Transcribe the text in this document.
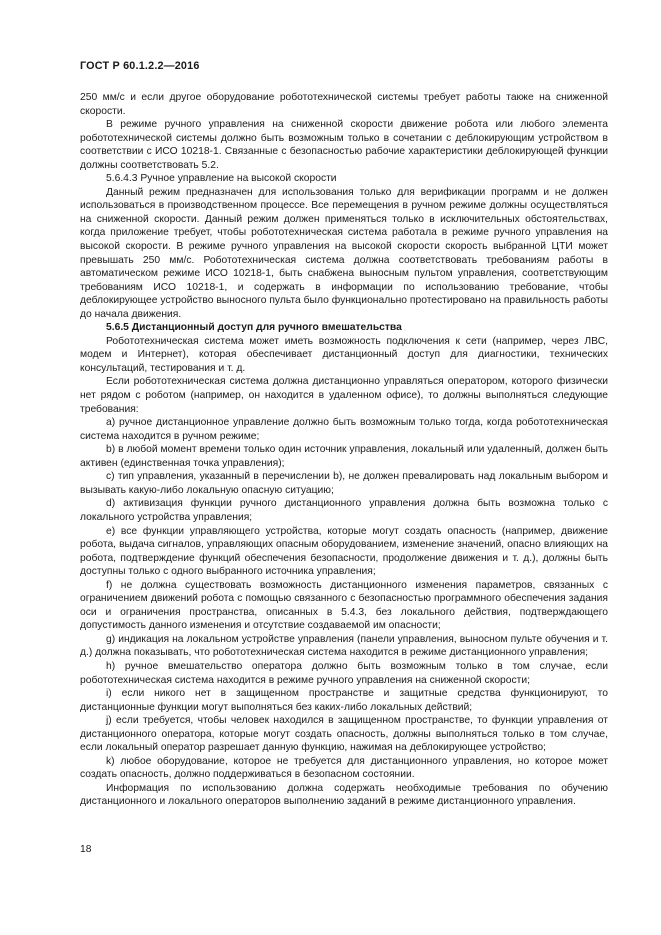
ГОСТ Р 60.1.2.2—2016

250 мм/с и если другое оборудование робототехнической системы требует работы также на сниженной скорости.

В режиме ручного управления на сниженной скорости движение робота или любого элемента робототехнической системы должно быть возможным только в сочетании с деблокирующим устройством в соответствии с ИСО 10218-1. Связанные с безопасностью рабочие характеристики деблокирующей функции должны соответствовать 5.2.

5.6.4.3 Ручное управление на высокой скорости

Данный режим предназначен для использования только для верификации программ и не должен использоваться в производственном процессе. Все перемещения в ручном режиме должны осуществляться на сниженной скорости. Данный режим должен применяться только в исключительных обстоятельствах, когда приложение требует, чтобы робототехническая система работала в режиме ручного управления на высокой скорости. В режиме ручного управления на высокой скорости скорость выбранной ЦТИ может превышать 250 мм/с. Робототехническая система должна соответствовать требованиям работы в автоматическом режиме ИСО 10218-1, быть снабжена выносным пультом управления, соответствующим требованиям ИСО 10218-1, и содержать в информации по использованию требование, чтобы деблокирующее устройство выносного пульта было функционально протестировано на правильность работы до начала движения.

5.6.5 Дистанционный доступ для ручного вмешательства

Робототехническая система может иметь возможность подключения к сети (например, через ЛВС, модем и Интернет), которая обеспечивает дистанционный доступ для диагностики, технических консультаций, тестирования и т. д.

Если робототехническая система должна дистанционно управляться оператором, которого физически нет рядом с роботом (например, он находится в удаленном офисе), то должны выполняться следующие требования:

a) ручное дистанционное управление должно быть возможным только тогда, когда робототехническая система находится в ручном режиме;

b) в любой момент времени только один источник управления, локальный или удаленный, должен быть активен (единственная точка управления);

c) тип управления, указанный в перечислении b), не должен превалировать над локальным выбором и вызывать какую-либо локальную опасную ситуацию;

d) активизация функции ручного дистанционного управления должна быть возможна только с локального устройства управления;

e) все функции управляющего устройства, которые могут создать опасность (например, движение робота, выдача сигналов, управляющих опасным оборудованием, изменение значений, опасно влияющих на робота, подтверждение функций обеспечения безопасности, продолжение движения и т. д.), должны быть доступны только с одного выбранного источника управления;

f) не должна существовать возможность дистанционного изменения параметров, связанных с ограничением движений робота с помощью связанного с безопасностью программного обеспечения задания оси и ограничения пространства, описанных в 5.4.3, без локального действия, подтверждающего допустимость данного изменения и отсутствие создаваемой им опасности;

g) индикация на локальном устройстве управления (панели управления, выносном пульте обучения и т. д.) должна показывать, что робототехническая система находится в режиме дистанционного управления;

h) ручное вмешательство оператора должно быть возможным только в том случае, если робототехническая система находится в режиме ручного управления на сниженной скорости;

i) если никого нет в защищенном пространстве и защитные средства функционируют, то дистанционные функции могут выполняться без каких-либо локальных действий;

j) если требуется, чтобы человек находился в защищенном пространстве, то функции управления от дистанционного оператора, которые могут создать опасность, должны выполняться только в том случае, если локальный оператор разрешает данную функцию, нажимая на деблокирующее устройство;

k) любое оборудование, которое не требуется для дистанционного управления, но которое может создать опасность, должно поддерживаться в безопасном состоянии.

Информация по использованию должна содержать необходимые требования по обучению дистанционного и локального операторов выполнению заданий в режиме дистанционного управления.

18
